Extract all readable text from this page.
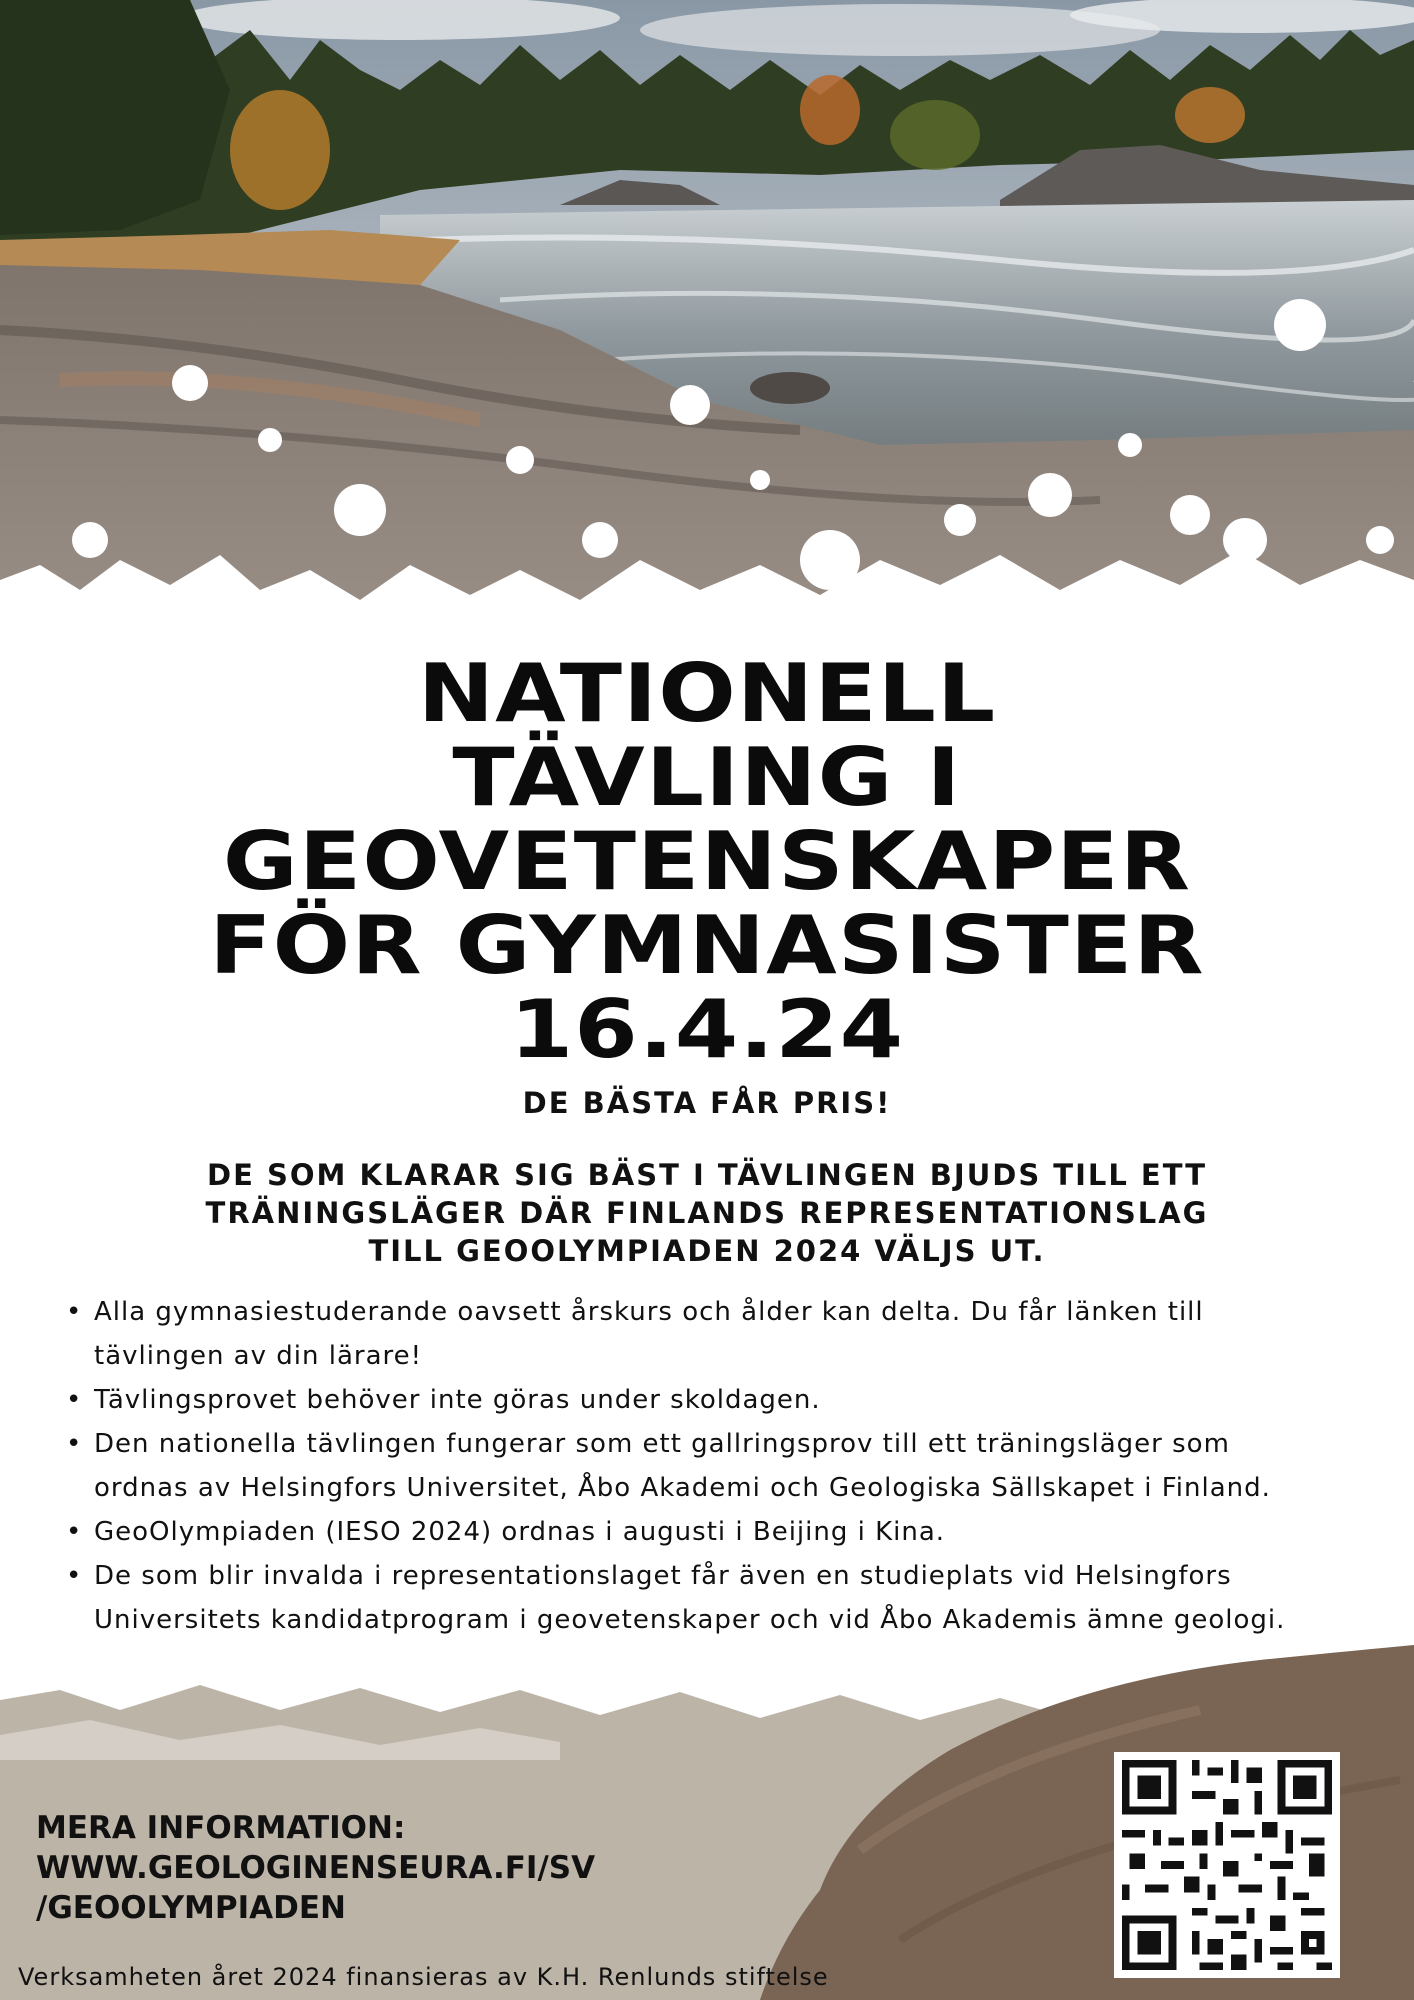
NATIONELL
TÄVLING I
GEOVETENSKAPER
FÖR GYMNASISTER
16.4.24
DE BÄSTA FÅR PRIS!
DE SOM KLARAR SIG BÄST I TÄVLINGEN BJUDS TILL ETT
TRÄNINGSLÄGER DÄR FINLANDS REPRESENTATIONSLAG
TILL GEOOLYMPIADEN 2024 VÄLJS UT.
• Alla gymnasiestuderande oavsett årskurs och ålder kan delta. Du får länken till
tävlingen av din lärare!
• Tävlingsprovet behöver inte göras under skoldagen.
• Den nationella tävlingen fungerar som ett gallringsprov till ett träningsläger som
ordnas av Helsingfors Universitet, Åbo Akademi och Geologiska Sällskapet i Finland.
• GeoOlympiaden (IESO 2024) ordnas i augusti i Beijing i Kina.
• De som blir invalda i representationslaget får även en studieplats vid Helsingfors
Universitets kandidatprogram i geovetenskaper och vid Åbo Akademis ämne geologi.
MERA INFORMATION:
WWW.GEOLOGINENSEURA.FI/SV
/GEOOLYMPIADEN
Verksamheten året 2024 finansieras av K.H. Renlunds stiftelse
